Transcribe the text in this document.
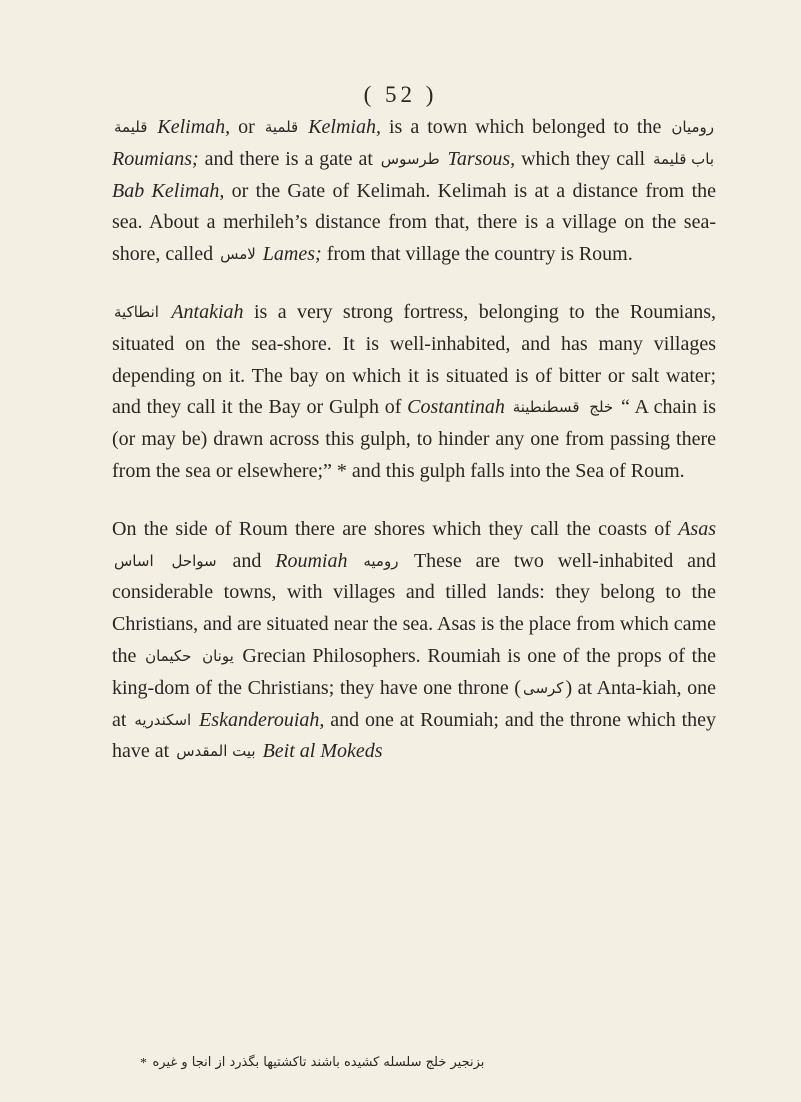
( 52 )

قليمة Kelimah, or قلمية Kelmiah, is a town which belonged to the رومیان Roumians; and there is a gate at طرسوس Tarsous, which they call باب قليمة Bab Kelimah, or the Gate of Kelimah. Kelimah is at a distance from the sea. About a merhileh’s distance from that, there is a village on the sea-shore, called لامس Lames; from that village the country is Roum.

انطاكية Antakiah is a very strong fortress, belonging to the Roumians, situated on the sea-shore. It is well-inhabited, and has many villages depending on it. The bay on which it is situated is of bitter or salt water; and they call it the Bay or Gulph of Costantinah قسطنطينة خلج “ A chain is (or may be) drawn across this gulph, to hinder any one from passing there from the sea or elsewhere;” * and this gulph falls into the Sea of Roum.

On the side of Roum there are shores which they call the coasts of Asas اساس سواحل and Roumiah رومیه These are two well-inhabited and considerable towns, with villages and tilled lands: they belong to the Christians, and are situated near the sea. Asas is the place from which came the حکیمان یونان Grecian Philosophers. Roumiah is one of the props of the king-dom of the Christians; they have one throne ( کرسی ) at Anta-kiah, one at اسکندریه Eskanderouiah, and one at Roumiah; and the throne which they have at بیت المقدس Beit al Mokeds

* بزنجیر خلج سلسله کشیده باشند تاکشتیها بگذرد از انجا و غیره
